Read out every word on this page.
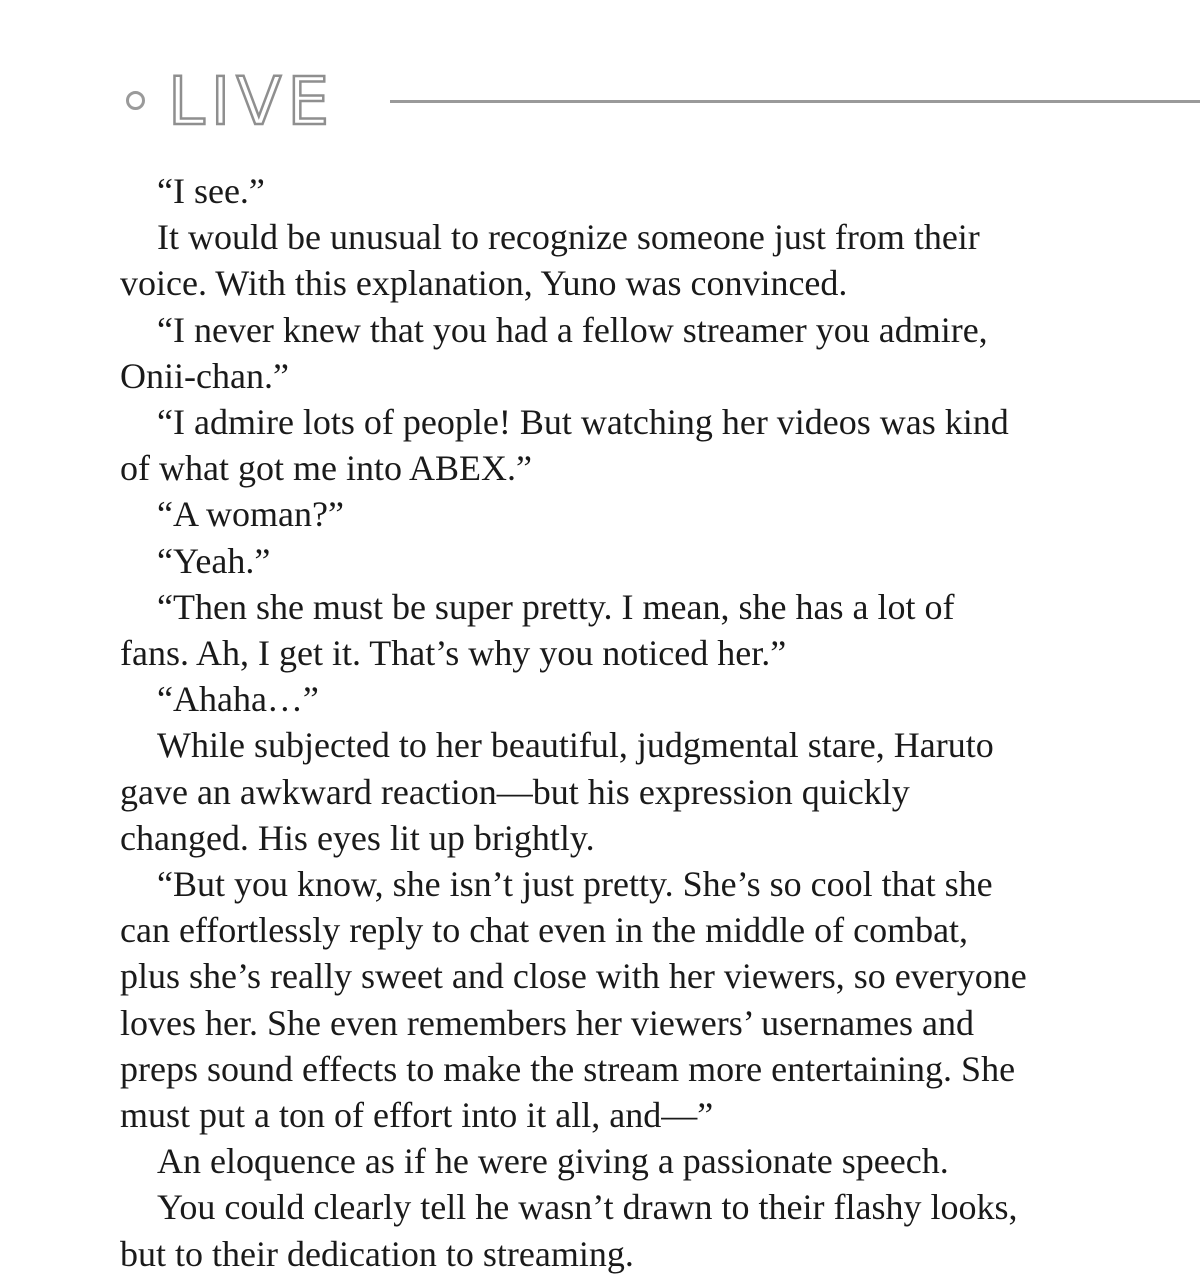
LIVE

“I see.”

It would be unusual to recognize someone just from their
voice. With this explanation, Yuno was convinced.

“I never knew that you had a fellow streamer you admire,
Onii-chan.”

“I admire lots of people! But watching her videos was kind
of what got me into ABEX.”

“A woman?”

“Yeah.”

“Then she must be super pretty. I mean, she has a lot of
fans. Ah, I get it. That’s why you noticed her.”

“Ahaha…”

While subjected to her beautiful, judgmental stare, Haruto
gave an awkward reaction—but his expression quickly
changed. His eyes lit up brightly.

“But you know, she isn’t just pretty. She’s so cool that she
can effortlessly reply to chat even in the middle of combat,
plus she’s really sweet and close with her viewers, so everyone
loves her. She even remembers her viewers’ usernames and
preps sound effects to make the stream more entertaining. She
must put a ton of effort into it all, and—”

An eloquence as if he were giving a passionate speech.

You could clearly tell he wasn’t drawn to their flashy looks,
but to their dedication to streaming.
